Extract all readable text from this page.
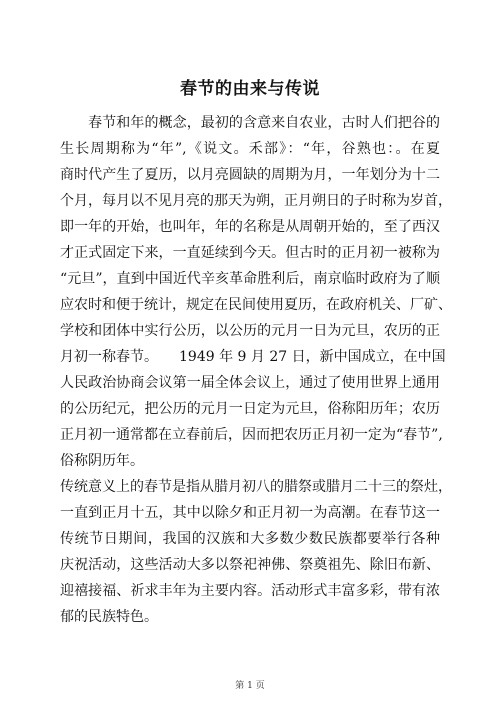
春节的由来与传说
　　春节和年的概念，最初的含意来自农业，古时人们把谷的
生长周期称为“年”,《说文。禾部》：“年，谷熟也：。在夏
商时代产生了夏历，以月亮圆缺的周期为月，一年划分为十二
个月，每月以不见月亮的那天为朔，正月朔日的子时称为岁首，
即一年的开始，也叫年，年的名称是从周朝开始的，至了西汉
才正式固定下来，一直延续到今天。但古时的正月初一被称为
“元旦”，直到中国近代辛亥革命胜利后，南京临时政府为了顺
应农时和便于统计，规定在民间使用夏历，在政府机关、厂矿、
学校和团体中实行公历，以公历的元月一日为元旦，农历的正
月初一称春节。　　1949 年 9 月 27 日，新中国成立，在中国
人民政治协商会议第一届全体会议上，通过了使用世界上通用
的公历纪元，把公历的元月一日定为元旦，俗称阳历年；农历
正月初一通常都在立春前后，因而把农历正月初一定为“春节”,
俗称阴历年。
传统意义上的春节是指从腊月初八的腊祭或腊月二十三的祭灶，
一直到正月十五，其中以除夕和正月初一为高潮。在春节这一
传统节日期间，我国的汉族和大多数少数民族都要举行各种
庆祝活动，这些活动大多以祭祀神佛、祭奠祖先、除旧布新、
迎禧接福、祈求丰年为主要内容。活动形式丰富多彩，带有浓
郁的民族特色。
第 1 页
